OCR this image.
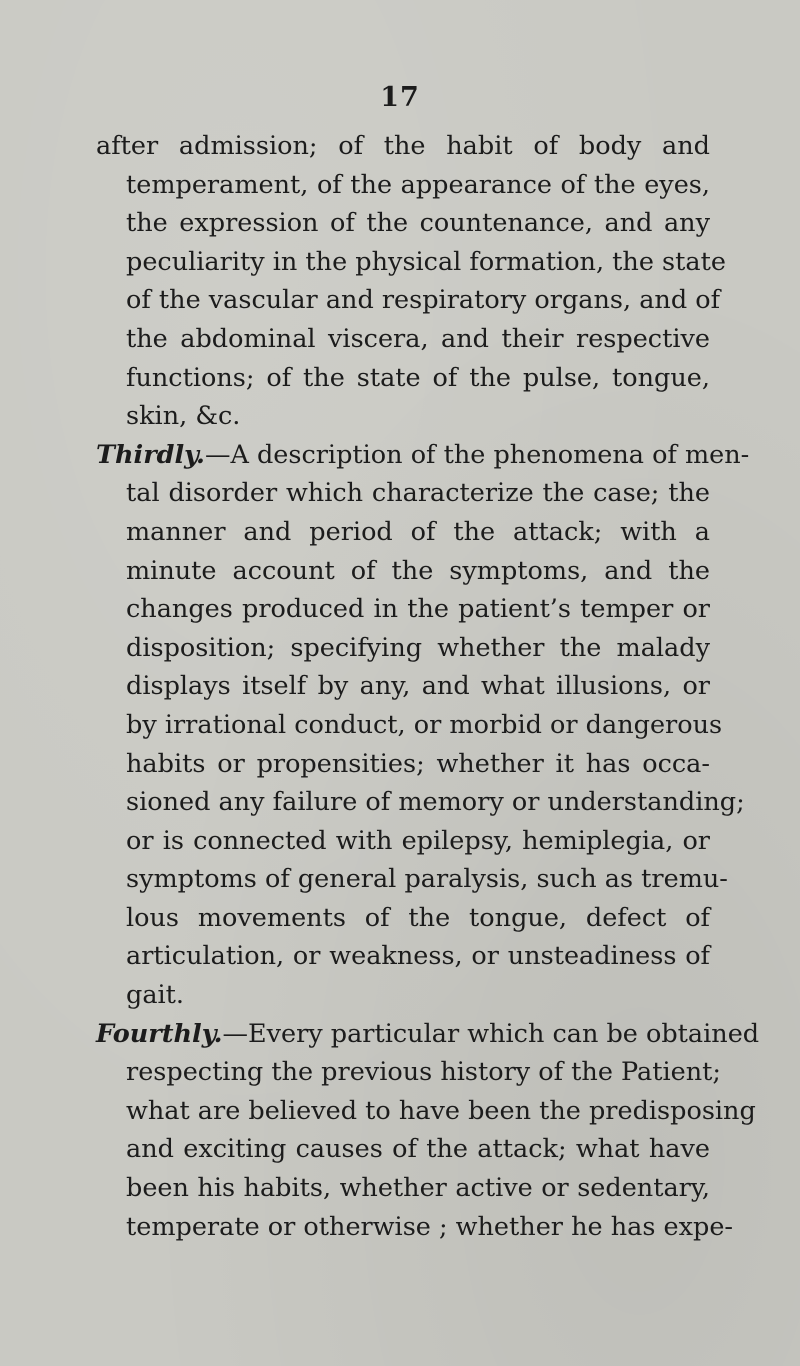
17
after admission; of the habit of body and
temperament, of the appearance of the eyes,
the expression of the countenance, and any
peculiarity in the physical formation, the state
of the vascular and respiratory organs, and of
the abdominal viscera, and their respective
functions; of the state of the pulse, tongue,
skin, &c.
Thirdly.—A description of the phenomena of men-
tal disorder which characterize the case; the
manner and period of the attack; with a
minute account of the symptoms, and the
changes produced in the patient’s temper or
disposition; specifying whether the malady
displays itself by any, and what illusions, or
by irrational conduct, or morbid or dangerous
habits or propensities; whether it has occa-
sioned any failure of memory or understanding;
or is connected with epilepsy, hemiplegia, or
symptoms of general paralysis, such as tremu-
lous movements of the tongue, defect of
articulation, or weakness, or unsteadiness of
gait.
Fourthly.—Every particular which can be obtained
respecting the previous history of the Patient;
what are believed to have been the predisposing
and exciting causes of the attack; what have
been his habits, whether active or sedentary,
temperate or otherwise ; whether he has expe-
